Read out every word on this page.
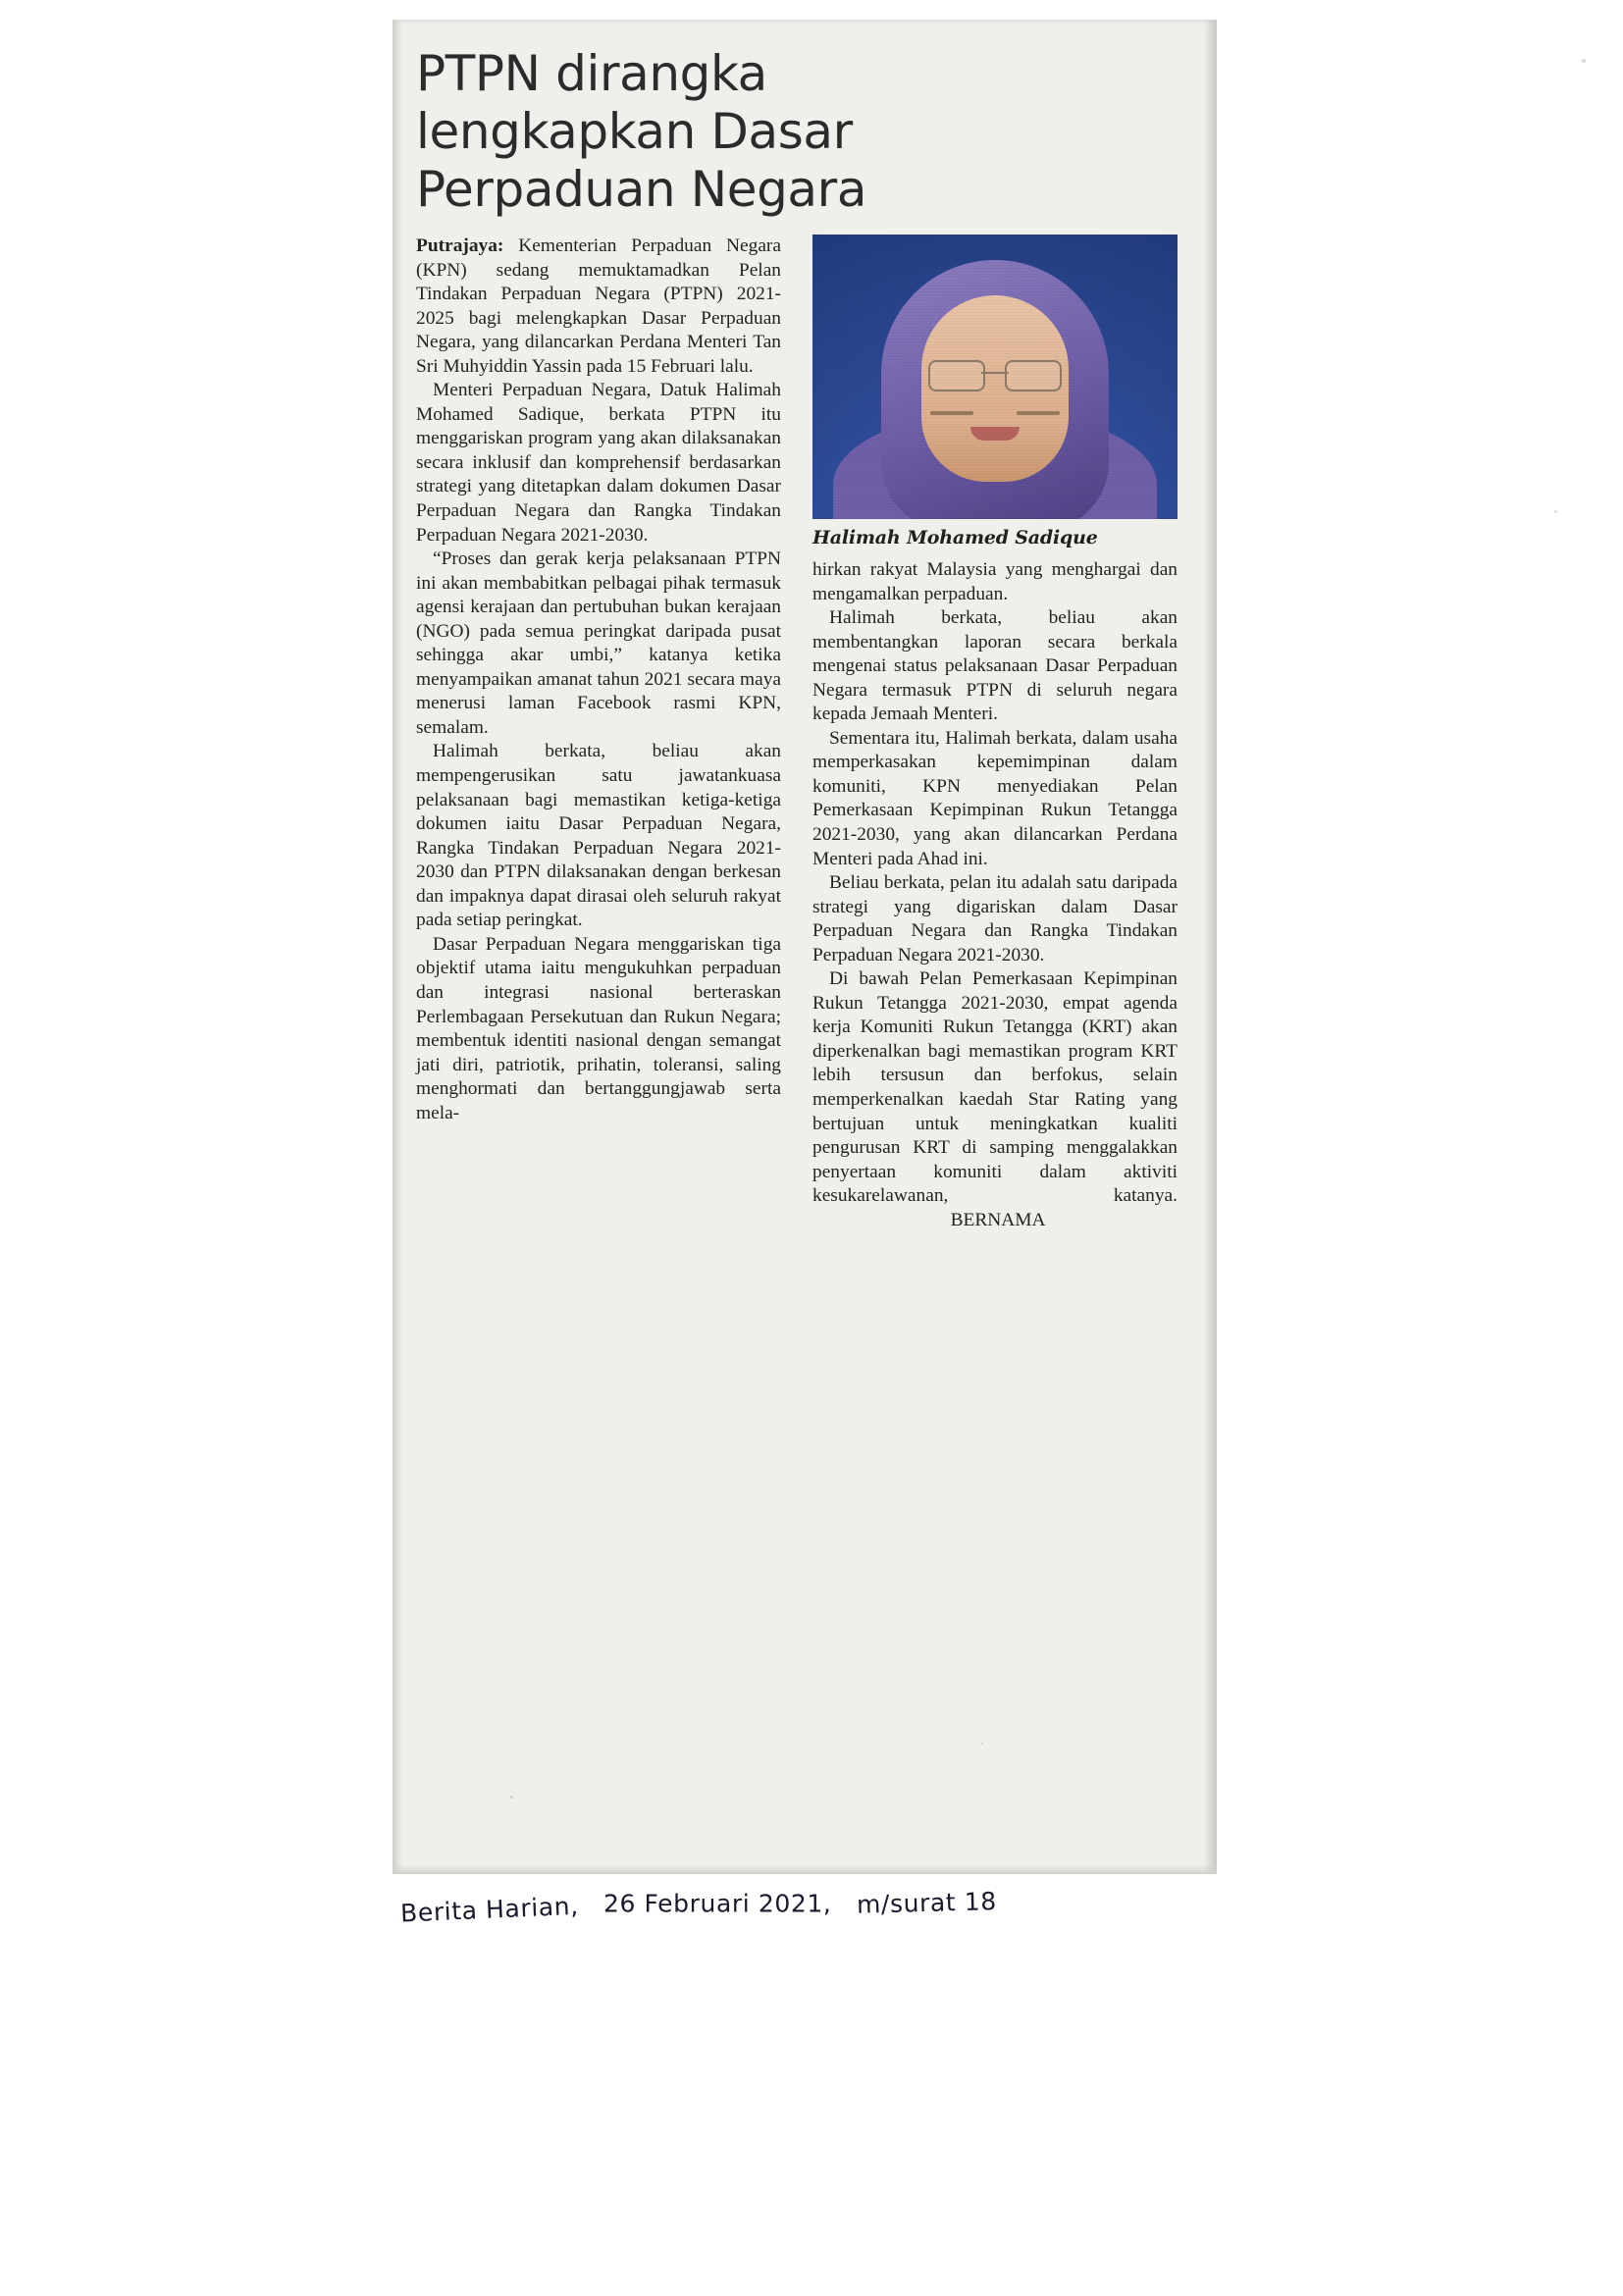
PTPN dirangka
lengkapkan Dasar
Perpaduan Negara
Halimah Mohamed Sadique

Putrajaya: Kementerian Perpaduan Negara (KPN) sedang memuktamadkan Pelan Tindakan Perpaduan Negara (PTPN) 2021-2025 bagi melengkapkan Dasar Perpaduan Negara, yang dilancarkan Perdana Menteri Tan Sri Muhyiddin Yassin pada 15 Februari lalu.

Menteri Perpaduan Negara, Datuk Halimah Mohamed Sadique, berkata PTPN itu menggariskan program yang akan dilaksanakan secara inklusif dan komprehensif berdasarkan strategi yang ditetapkan dalam dokumen Dasar Perpaduan Negara dan Rangka Tindakan Perpaduan Negara 2021-2030.

“Proses dan gerak kerja pelaksanaan PTPN ini akan membabitkan pelbagai pihak termasuk agensi kerajaan dan pertubuhan bukan kerajaan (NGO) pada semua peringkat daripada pusat sehingga akar umbi,” katanya ketika menyampaikan amanat tahun 2021 secara maya menerusi laman Facebook rasmi KPN, semalam.

Halimah berkata, beliau akan mempengerusikan satu jawatankuasa pelaksanaan bagi memastikan ketiga-ketiga dokumen iaitu Dasar Perpaduan Negara, Rangka Tindakan Perpaduan Negara 2021-2030 dan PTPN dilaksanakan dengan berkesan dan impaknya dapat dirasai oleh seluruh rakyat pada setiap peringkat.

Dasar Perpaduan Negara menggariskan tiga objektif utama iaitu mengukuhkan perpaduan dan integrasi nasional berteraskan Perlembagaan Persekutuan dan Rukun Negara; membentuk identiti nasional dengan semangat jati diri, patriotik, prihatin, toleransi, saling menghormati dan bertanggungjawab serta mela-

hirkan rakyat Malaysia yang menghargai dan mengamalkan perpaduan.

Halimah berkata, beliau akan membentangkan laporan secara berkala mengenai status pelaksanaan Dasar Perpaduan Negara termasuk PTPN di seluruh negara kepada Jemaah Menteri.

Sementara itu, Halimah berkata, dalam usaha memperkasakan kepemimpinan dalam komuniti, KPN menyediakan Pelan Pemerkasaan Kepimpinan Rukun Tetangga 2021-2030, yang akan dilancarkan Perdana Menteri pada Ahad ini.

Beliau berkata, pelan itu adalah satu daripada strategi yang digariskan dalam Dasar Perpaduan Negara dan Rangka Tindakan Perpaduan Negara 2021-2030.

Di bawah Pelan Pemerkasaan Kepimpinan Rukun Tetangga 2021-2030, empat agenda kerja Komuniti Rukun Tetangga (KRT) akan diperkenalkan bagi memastikan program KRT lebih tersusun dan berfokus, selain memperkenalkan kaedah Star Rating yang bertujuan untuk meningkatkan kualiti pengurusan KRT di samping menggalakkan penyertaan komuniti dalam aktiviti kesukarelawanan, katanya.                              BERNAMA

Berita Harian, 26 Februari 2021, m/surat 18
